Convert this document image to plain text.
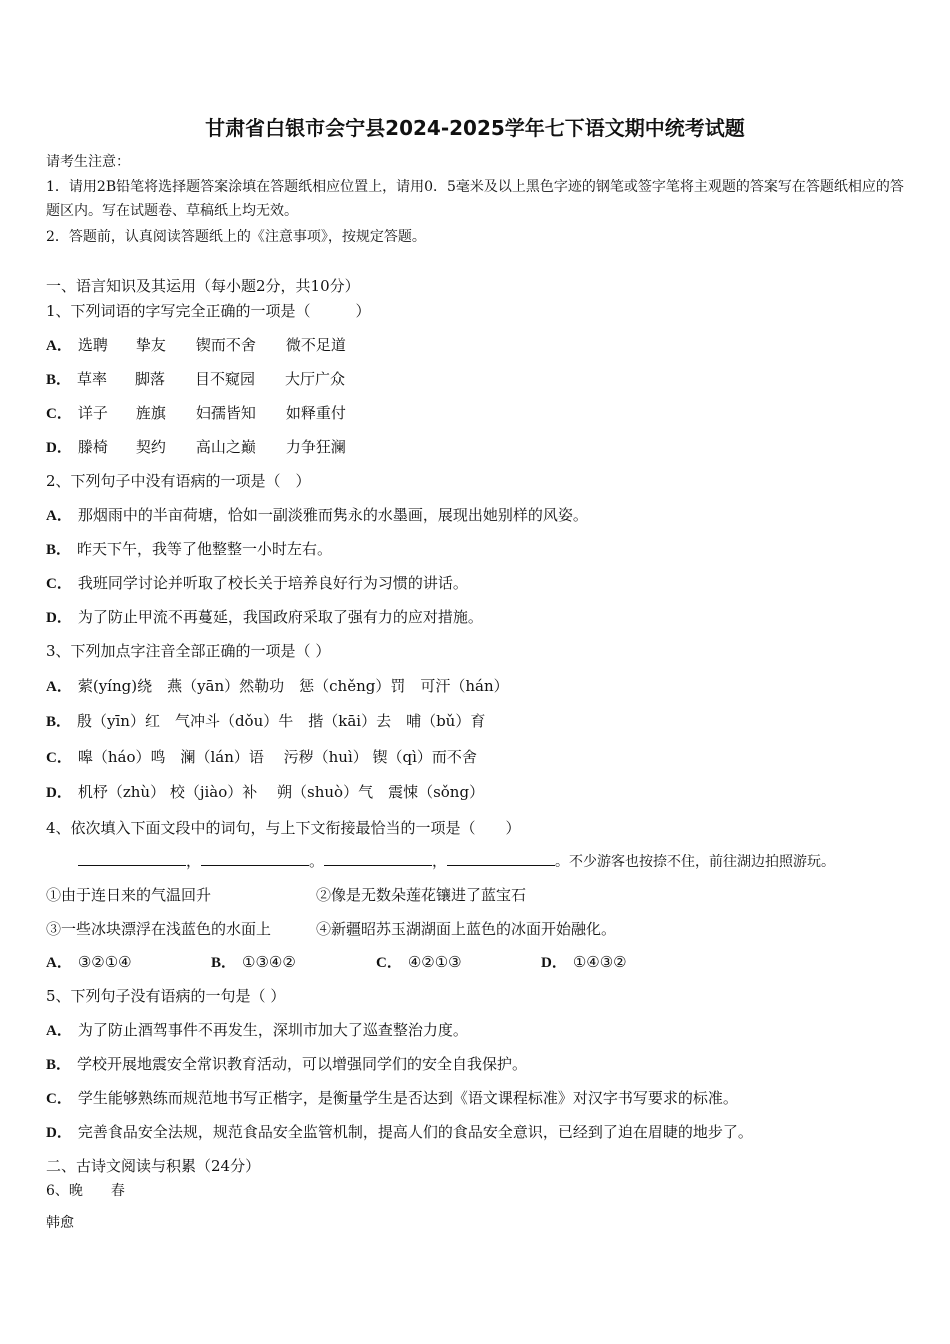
甘肃省白银市会宁县2024-2025学年七下语文期中统考试题
请考生注意：
1．请用2B铅笔将选择题答案涂填在答题纸相应位置上，请用0．5毫米及以上黑色字迹的钢笔或签字笔将主观题的答案写在答题纸相应的答题区内。写在试题卷、草稿纸上均无效。
2．答题前，认真阅读答题纸上的《注意事项》，按规定答题。
一、语言知识及其运用（每小题2分，共10分）
1、下列词语的字写完全正确的一项是（　　　）
A． 选聘 挚友 锲而不舍 微不足道
B． 草率 脚落 目不窥园 大厅广众
C． 详子 旌旗 妇孺皆知 如释重付
D． 滕椅 契约 高山之巅 力争狂澜
2、下列句子中没有语病的一项是（　）
A． 那烟雨中的半亩荷塘，恰如一副淡雅而隽永的水墨画，展现出她别样的风姿。
B． 昨天下午，我等了他整整一小时左右。
C． 我班同学讨论并听取了校长关于培养良好行为习惯的讲话。
D． 为了防止甲流不再蔓延，我国政府采取了强有力的应对措施。
3、下列加点字注音全部正确的一项是（ ）
A． 萦(yíng)绕　燕（yān）然勒功　惩（chěng）罚　可汗（hán）
B． 殷（yīn）红　气冲斗（dǒu）牛　揩（kāi）去　哺（bǔ）育
C． 嗥（háo）鸣　澜（lán）语　 污秽（huì） 锲（qì）而不舍
D． 机杼（zhù） 校（jiào）补　 朔（shuò）气　震悚（sǒng）
4、依次填入下面文段中的词句，与上下文衔接最恰当的一项是（　　）
，	。	，	。不少游客也按捺不住，前往湖边拍照游玩。
①由于连日来的气温回升	②像是无数朵莲花镶进了蓝宝石
③一些冰块漂浮在浅蓝色的水面上	④新疆昭苏玉湖湖面上蓝色的冰面开始融化。
A． ③②①④	B． ①③④②	C． ④②①③	D． ①④③②
5、下列句子没有语病的一句是（ ）
A． 为了防止酒驾事件不再发生，深圳市加大了巡查整治力度。
B． 学校开展地震安全常识教育活动，可以增强同学们的安全自我保护。
C． 学生能够熟练而规范地书写正楷字，是衡量学生是否达到《语文课程标准》对汉字书写要求的标准。
D． 完善食品安全法规，规范食品安全监管机制，提高人们的食品安全意识，已经到了迫在眉睫的地步了。
二、古诗文阅读与积累（24分）
6、晚　　春
韩愈
